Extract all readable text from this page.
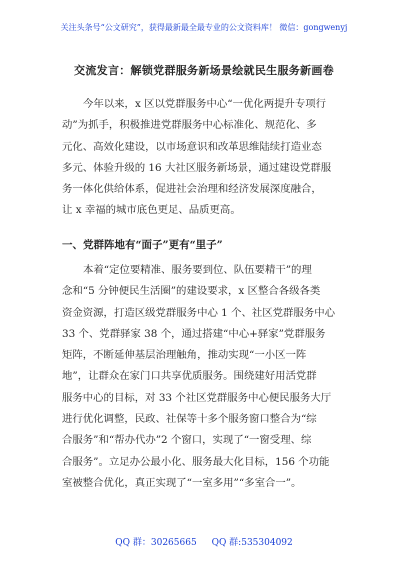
关注头条号“公文研究”，获得最新最全最专业的公文资料库！ 微信：gongwenyj
交流发言：解锁党群服务新场景绘就民生服务新画卷
今年以来，x 区以党群服务中心“一优化两提升专项行
动”为抓手，积极推进党群服务中心标准化、规范化、多
元化、高效化建设，以市场意识和改革思维陆续打造业态
多元、体验升级的 16 大社区服务新场景，通过建设党群服
务一体化供给体系，促进社会治理和经济发展深度融合，
让 x 幸福的城市底色更足、品质更高。
一、党群阵地有“面子”更有“里子”
本着“定位要精准、服务要到位、队伍要精干”的理
念和“5 分钟便民生活圈”的建设要求，x 区整合各级各类
资金资源，打造区级党群服务中心 1 个、社区党群服务中心
33 个、党群驿家 38 个，通过搭建“中心+驿家”党群服务
矩阵，不断延伸基层治理触角，推动实现“一小区一阵
地”，让群众在家门口共享优质服务。围绕建好用活党群
服务中心的目标，对 33 个社区党群服务中心便民服务大厅
进行优化调整，民政、社保等十多个服务窗口整合为“综
合服务”和“帮办代办”2 个窗口，实现了“一窗受理、综
合服务”。立足办公最小化、服务最大化目标，156 个功能
室被整合优化，真正实现了“一室多用”“多室合一”。
QQ 群：30265665 QQ 群:535304092
